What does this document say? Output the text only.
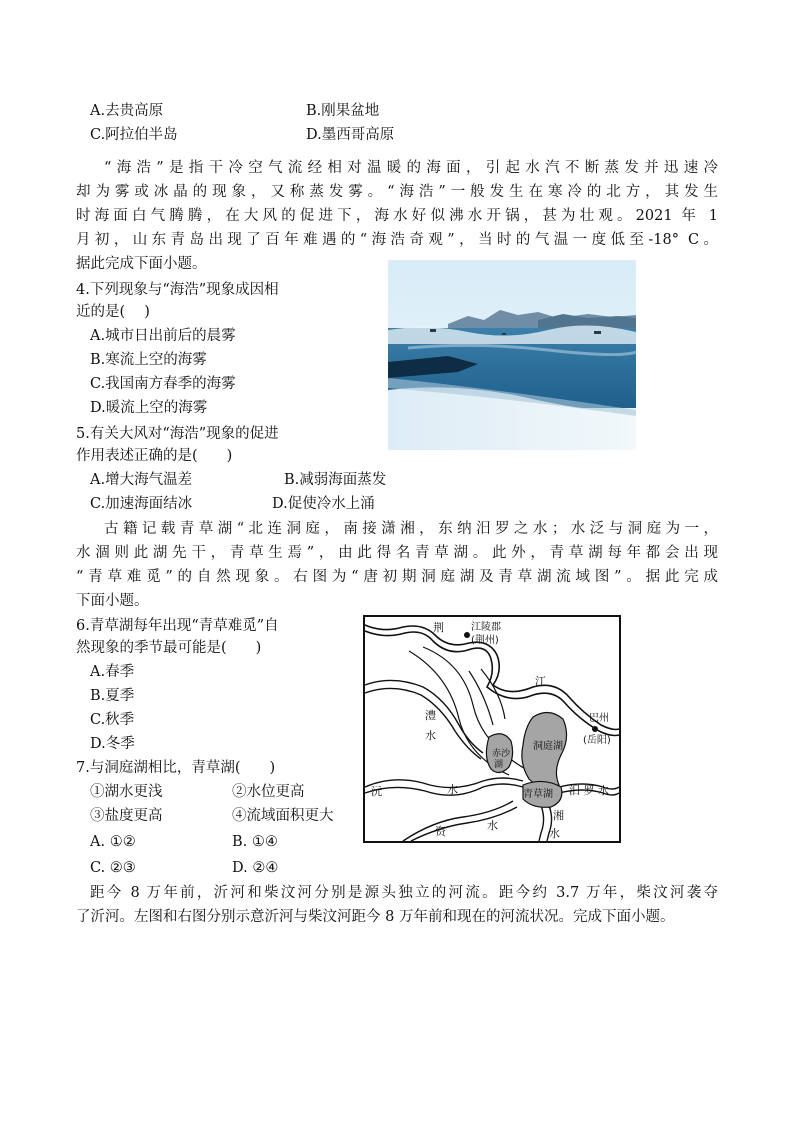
A.去贵高原	B.刚果盆地
C.阿拉伯半岛	D.墨西哥高原
“海浩”是指干冷空气流经相对温暖的海面，引起水汽不断蒸发并迅速冷
却为雾或冰晶的现象，又称蒸发雾。“海浩”一般发生在寒冷的北方，其发生
时海面白气腾腾，在大风的促进下，海水好似沸水开锅，甚为壮观。2021 年 1
月初，山东青岛出现了百年难遇的“海浩奇观”，当时的气温一度低至-18° C。
据此完成下面小题。
4.下列现象与“海浩”现象成因相
近的是(　 )
A.城市日出前后的晨雾
B.寒流上空的海雾
C.我国南方春季的海雾
D.暖流上空的海雾
5.有关大风对“海浩”现象的促进
作用表述正确的是(　　)
A.增大海气温差	B.减弱海面蒸发
C.加速海面结冰	D.促使冷水上涌
古籍记载青草湖“北连洞庭，南接潇湘，东纳汨罗之水；水泛与洞庭为一，
水涸则此湖先干，青草生焉”，由此得名青草湖。此外，青草湖每年都会出现
“青草难觅”的自然现象。右图为“唐初期洞庭湖及青草湖流域图”。据此完成
下面小题。
6.青草湖每年出现“青草难觅”自
然现象的季节最可能是(　　)
A.春季
B.夏季
C.秋季
D.冬季
7.与洞庭湖相比，青草湖(　　)
①湖水更浅	②水位更高
③盐度更高	④流域面积更大
A. ①②	B. ①④
C. ②③	D. ②④
荆	江陵郡
(荆州)
江
澧
水
巴州
(岳阳)
洞庭湖
赤沙
湖
沅	水	青草湖 汨 罗 水
湘
水
资	水
距今 8 万年前，沂河和柴汶河分别是源头独立的河流。距今约 3.7 万年，柴汶河袭夺
了沂河。左图和右图分别示意沂河与柴汶河距今 8 万年前和现在的河流状况。完成下面小题。
